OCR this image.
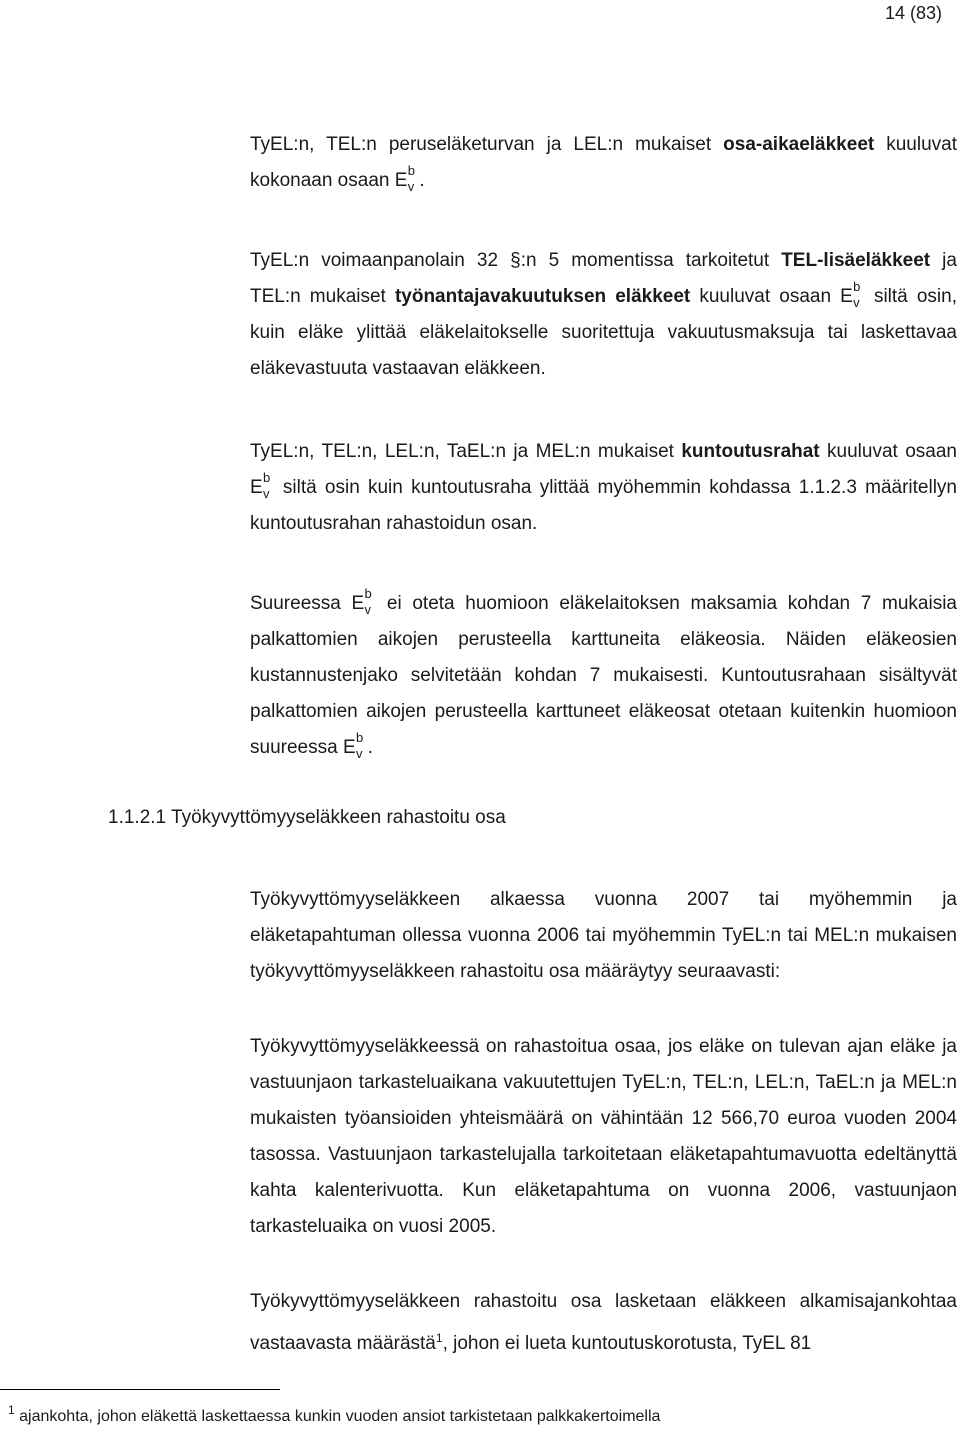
14 (83)

TyEL:n, TEL:n peruseläketurvan ja LEL:n mukaiset osa-aikaeläkkeet kuuluvat kokonaan osaan E b
v .

TyEL:n voimaanpanolain 32 §:n 5 momentissa tarkoitetut TEL-lisäeläkkeet ja TEL:n mukaiset työnantajavakuutuksen eläkkeet kuuluvat osaan E b
v siltä osin, kuin eläke ylittää eläkelaitokselle suoritettuja vakuutusmaksuja tai laskettavaa eläkevastuuta vastaavan eläkkeen.

TyEL:n, TEL:n, LEL:n, TaEL:n ja MEL:n mukaiset kuntoutusrahat kuuluvat osaan E b
v siltä osin kuin kuntoutusraha ylittää myöhemmin kohdassa 1.1.2.3 määritellyn kuntoutusrahan rahastoidun osan.

Suureessa E b
v ei oteta huomioon eläkelaitoksen maksamia kohdan 7 mukaisia palkattomien aikojen perusteella karttuneita eläkeosia. Näiden eläkeosien kustannustenjako selvitetään kohdan 7 mukaisesti. Kuntoutusrahaan sisältyvät palkattomien aikojen perusteella karttuneet eläkeosat otetaan kuitenkin huomioon suureessa E b
v .

1.1.2.1 Työkyvyttömyyseläkkeen rahastoitu osa

Työkyvyttömyyseläkkeen alkaessa vuonna 2007 tai myöhemmin ja eläketapahtuman ollessa vuonna 2006 tai myöhemmin TyEL:n tai MEL:n mukaisen työkyvyttömyyseläkkeen rahastoitu osa määräytyy seuraavasti:

Työkyvyttömyyseläkkeessä on rahastoitua osaa, jos eläke on tulevan ajan eläke ja vastuunjaon tarkasteluaikana vakuutettujen TyEL:n, TEL:n, LEL:n, TaEL:n ja MEL:n mukaisten työansioiden yhteismäärä on vähintään 12 566,70 euroa vuoden 2004 tasossa. Vastuunjaon tarkastelujalla tarkoitetaan eläketapahtumavuotta edeltänyttä kahta kalenterivuotta. Kun eläketapahtuma on vuonna 2006, vastuunjaon tarkasteluaika on vuosi 2005.

Työkyvyttömyyseläkkeen rahastoitu osa lasketaan eläkkeen alkamisajankohtaa vastaavasta määrästä$^1$, johon ei lueta kuntoutuskorotusta, TyEL 81

$^1$ ajankohta, johon eläkettä laskettaessa kunkin vuoden ansiot tarkistetaan palkkakertoimella
